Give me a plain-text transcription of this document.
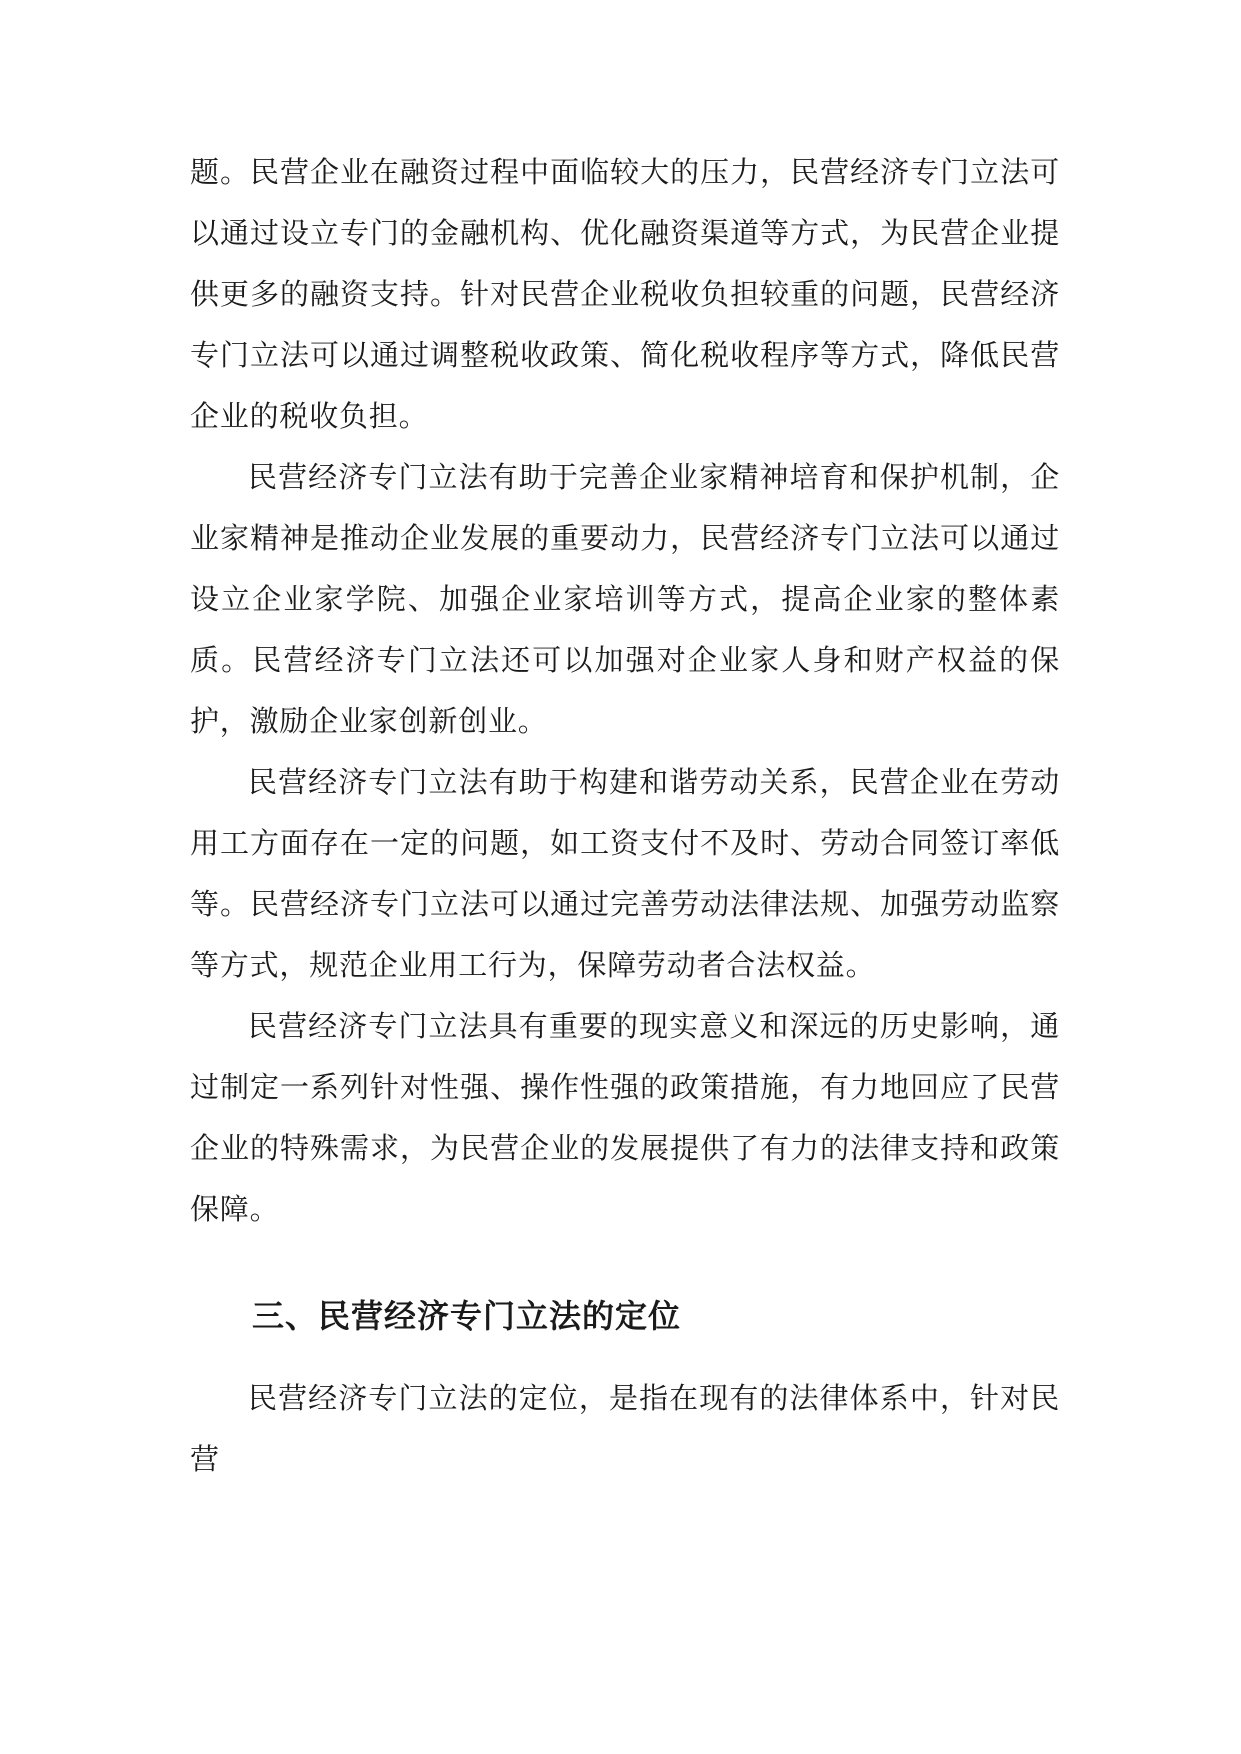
题。民营企业在融资过程中面临较大的压力，民营经济专门立法可以通过设立专门的金融机构、优化融资渠道等方式，为民营企业提供更多的融资支持。针对民营企业税收负担较重的问题，民营经济专门立法可以通过调整税收政策、简化税收程序等方式，降低民营企业的税收负担。

民营经济专门立法有助于完善企业家精神培育和保护机制，企业家精神是推动企业发展的重要动力，民营经济专门立法可以通过设立企业家学院、加强企业家培训等方式，提高企业家的整体素质。民营经济专门立法还可以加强对企业家人身和财产权益的保护，激励企业家创新创业。

民营经济专门立法有助于构建和谐劳动关系，民营企业在劳动用工方面存在一定的问题，如工资支付不及时、劳动合同签订率低等。民营经济专门立法可以通过完善劳动法律法规、加强劳动监察等方式，规范企业用工行为，保障劳动者合法权益。

民营经济专门立法具有重要的现实意义和深远的历史影响，通过制定一系列针对性强、操作性强的政策措施，有力地回应了民营企业的特殊需求，为民营企业的发展提供了有力的法律支持和政策保障。

三、民营经济专门立法的定位

民营经济专门立法的定位，是指在现有的法律体系中，针对民营
